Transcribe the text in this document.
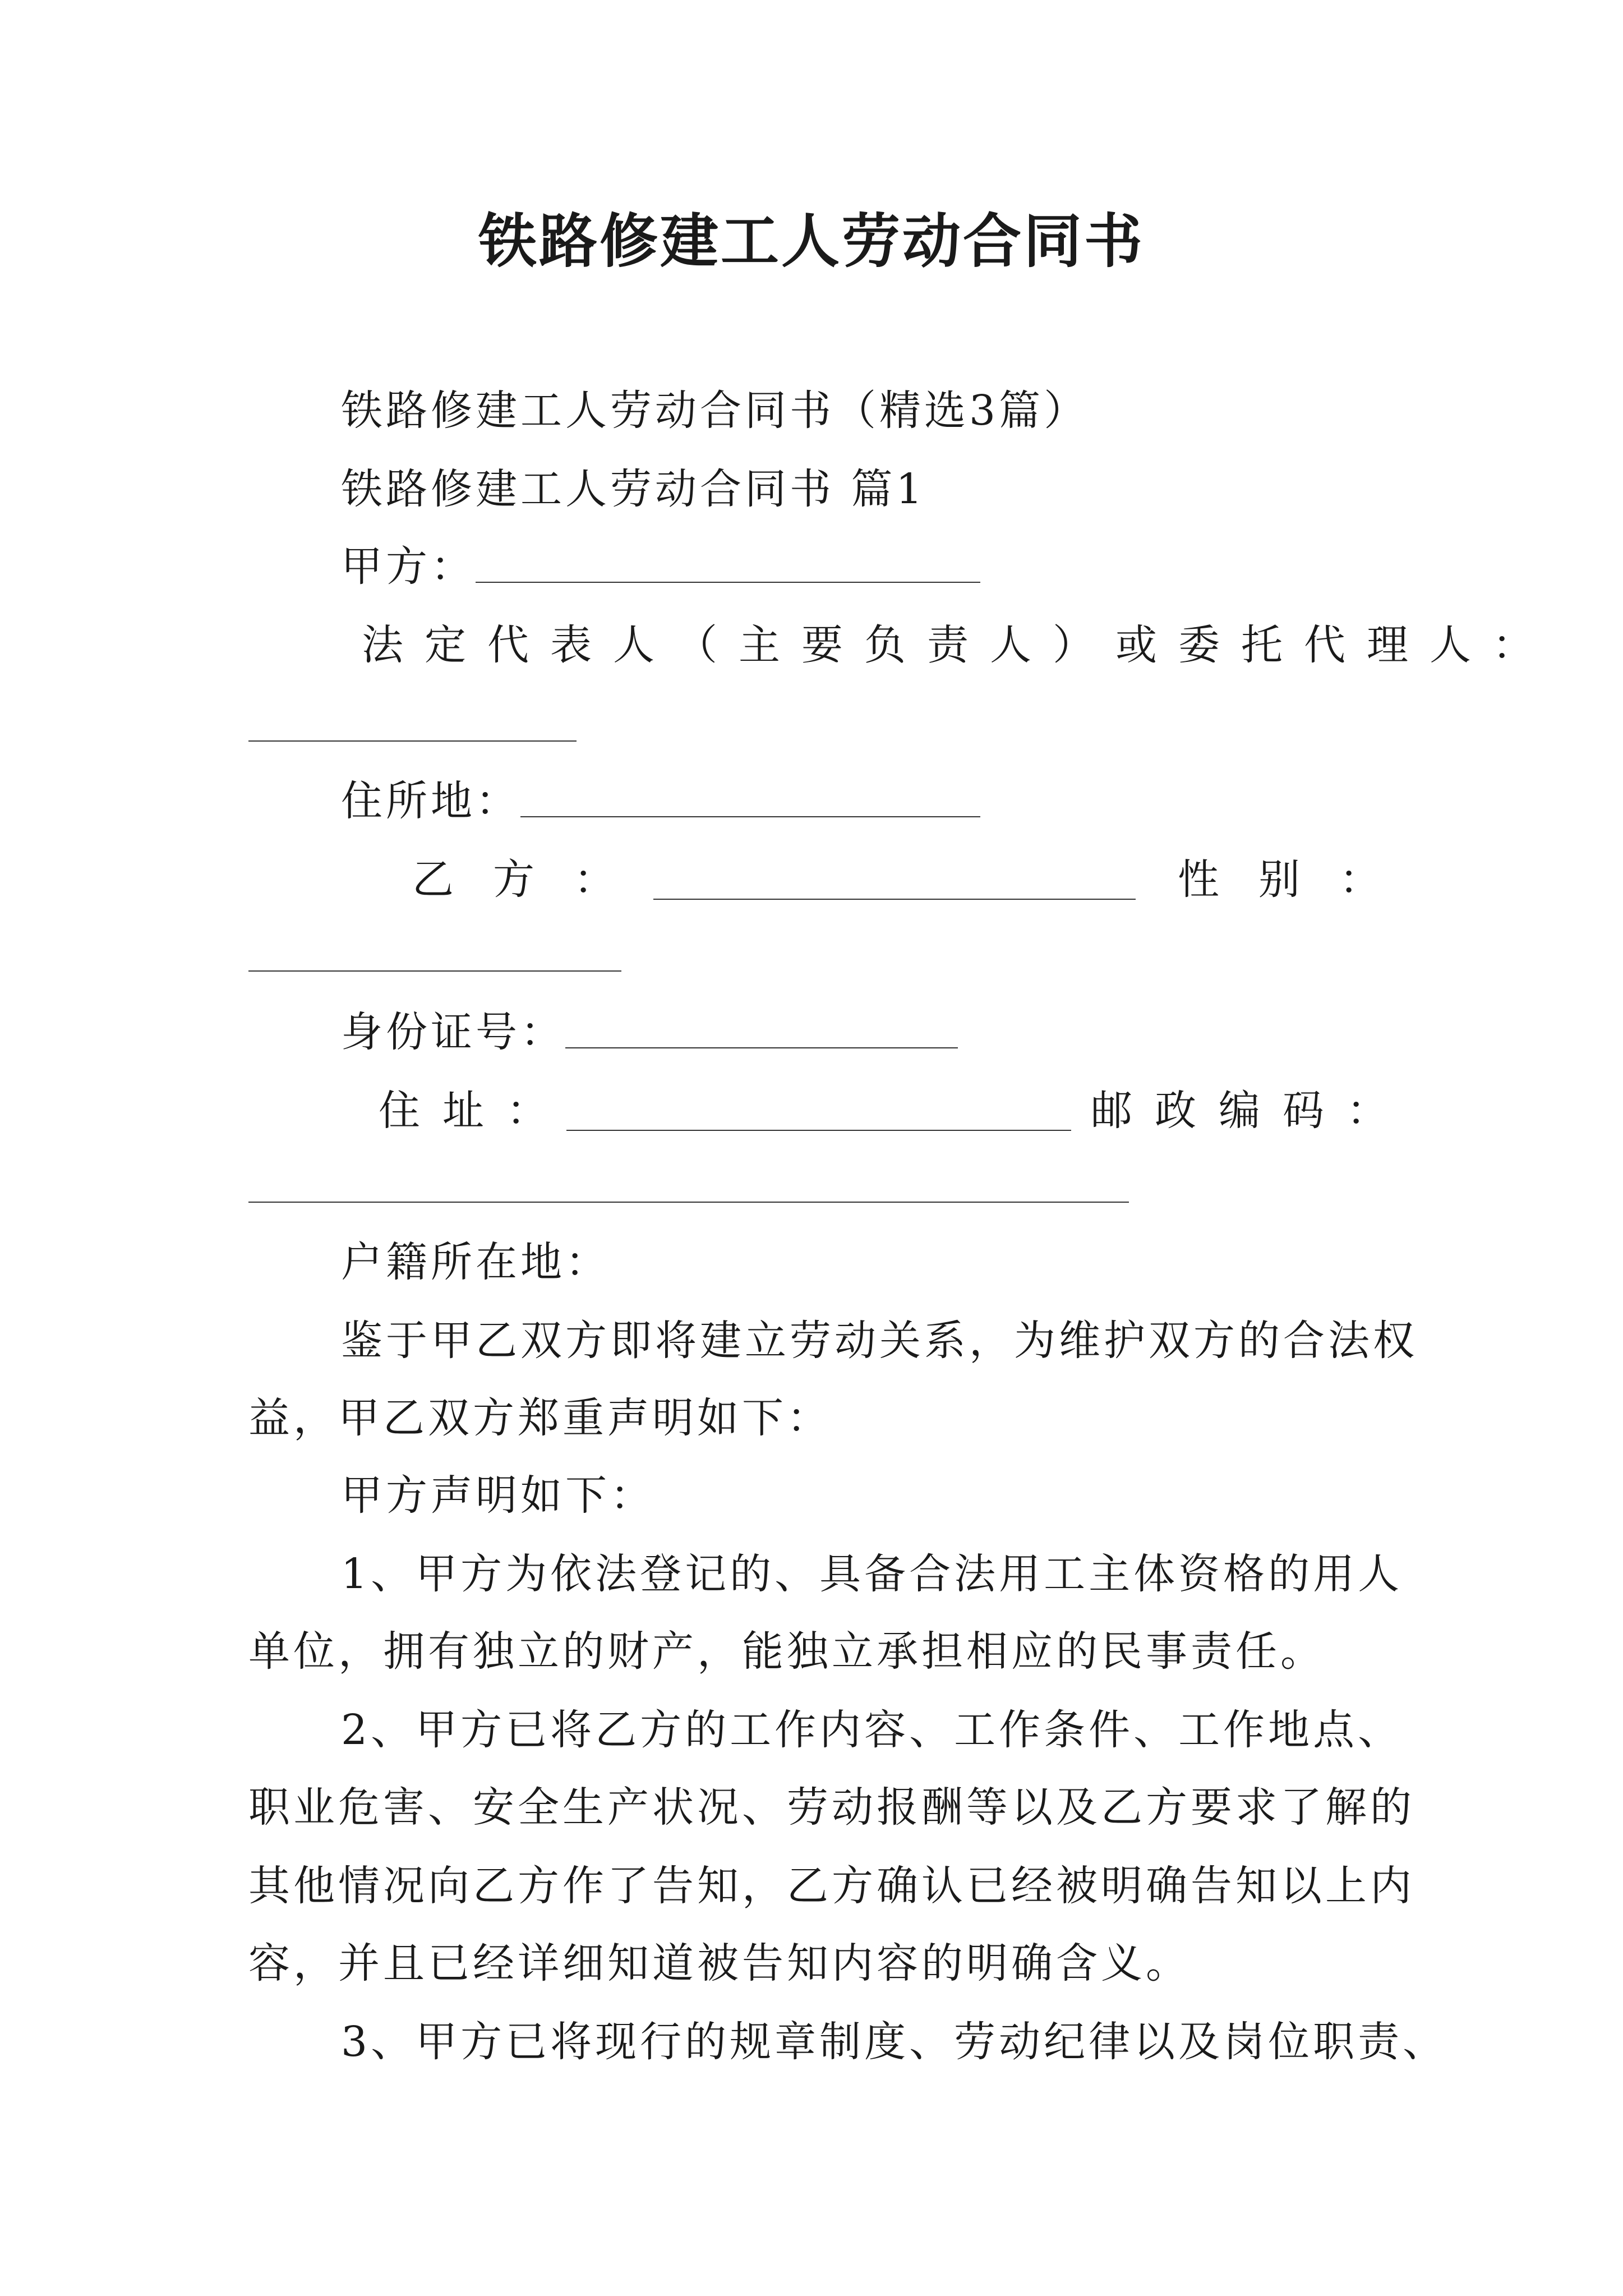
铁路修建工人劳动合同书
铁路修建工人劳动合同书（精选3篇）
铁路修建工人劳动合同书 篇1
甲方：
法定代表人（主要负责人）或委托代理人：
住所地：
乙方：	性别：
身份证号：
住址：	邮政编码：
户籍所在地：
鉴于甲乙双方即将建立劳动关系，为维护双方的合法权
益，甲乙双方郑重声明如下：
甲方声明如下：
1、甲方为依法登记的、具备合法用工主体资格的用人
单位，拥有独立的财产，能独立承担相应的民事责任。
2、甲方已将乙方的工作内容、工作条件、工作地点、
职业危害、安全生产状况、劳动报酬等以及乙方要求了解的
其他情况向乙方作了告知，乙方确认已经被明确告知以上内
容，并且已经详细知道被告知内容的明确含义。
3、甲方已将现行的规章制度、劳动纪律以及岗位职责、
